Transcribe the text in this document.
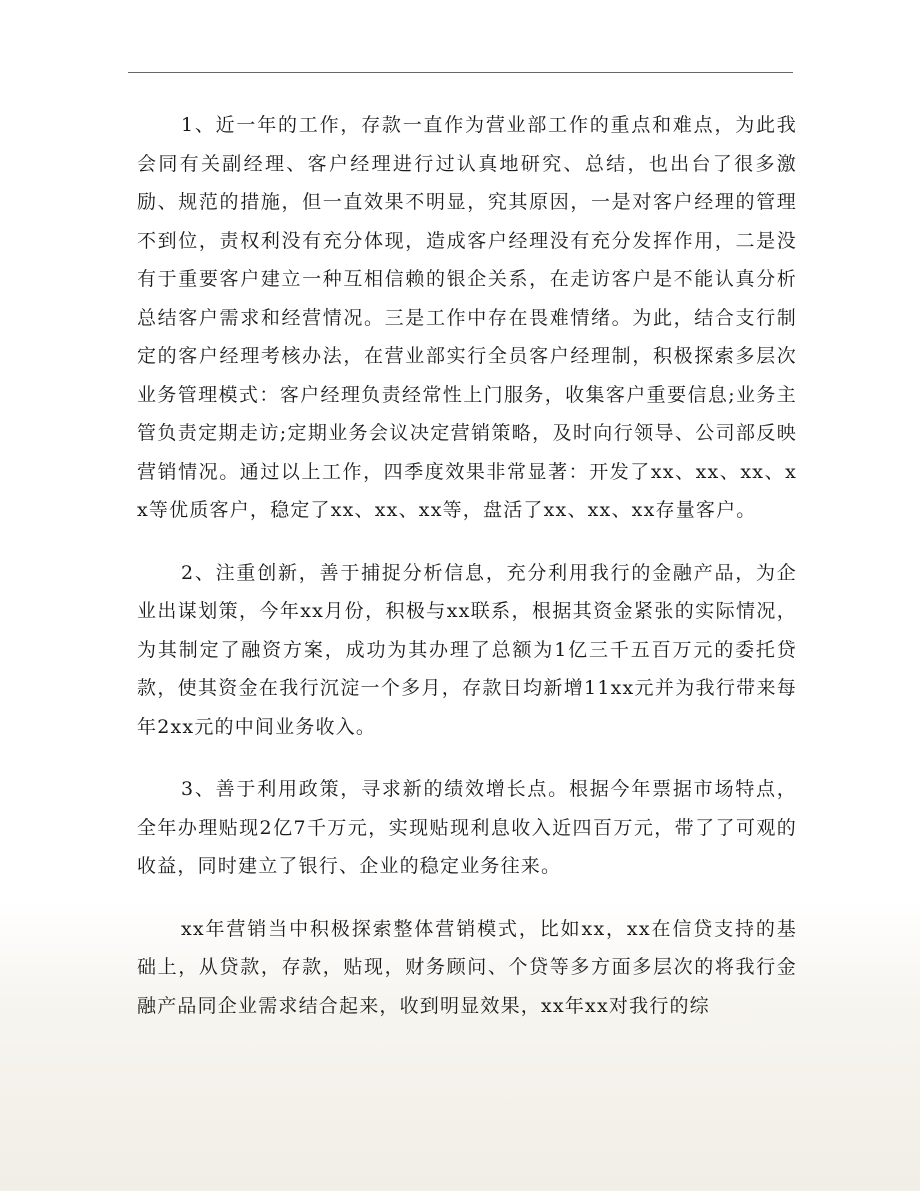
1、近一年的工作，存款一直作为营业部工作的重点和难点，为此我会同有关副经理、客户经理进行过认真地研究、总结，也出台了很多激励、规范的措施，但一直效果不明显，究其原因，一是对客户经理的管理不到位，责权利没有充分体现，造成客户经理没有充分发挥作用，二是没有于重要客户建立一种互相信赖的银企关系，在走访客户是不能认真分析总结客户需求和经营情况。三是工作中存在畏难情绪。为此，结合支行制定的客户经理考核办法，在营业部实行全员客户经理制，积极探索多层次业务管理模式：客户经理负责经常性上门服务，收集客户重要信息;业务主管负责定期走访;定期业务会议决定营销策略，及时向行领导、公司部反映营销情况。通过以上工作，四季度效果非常显著：开发了xx、xx、xx、xx等优质客户，稳定了xx、xx、xx等，盘活了xx、xx、xx存量客户。

2、注重创新，善于捕捉分析信息，充分利用我行的金融产品，为企业出谋划策，今年xx月份，积极与xx联系，根据其资金紧张的实际情况，为其制定了融资方案，成功为其办理了总额为1亿三千五百万元的委托贷款，使其资金在我行沉淀一个多月，存款日均新增11xx元并为我行带来每年2xx元的中间业务收入。

3、善于利用政策，寻求新的绩效增长点。根据今年票据市场特点，全年办理贴现2亿7千万元，实现贴现利息收入近四百万元，带了了可观的收益，同时建立了银行、企业的稳定业务往来。

xx年营销当中积极探索整体营销模式，比如xx，xx在信贷支持的基础上，从贷款，存款，贴现，财务顾问、个贷等多方面多层次的将我行金融产品同企业需求结合起来，收到明显效果，xx年xx对我行的综
